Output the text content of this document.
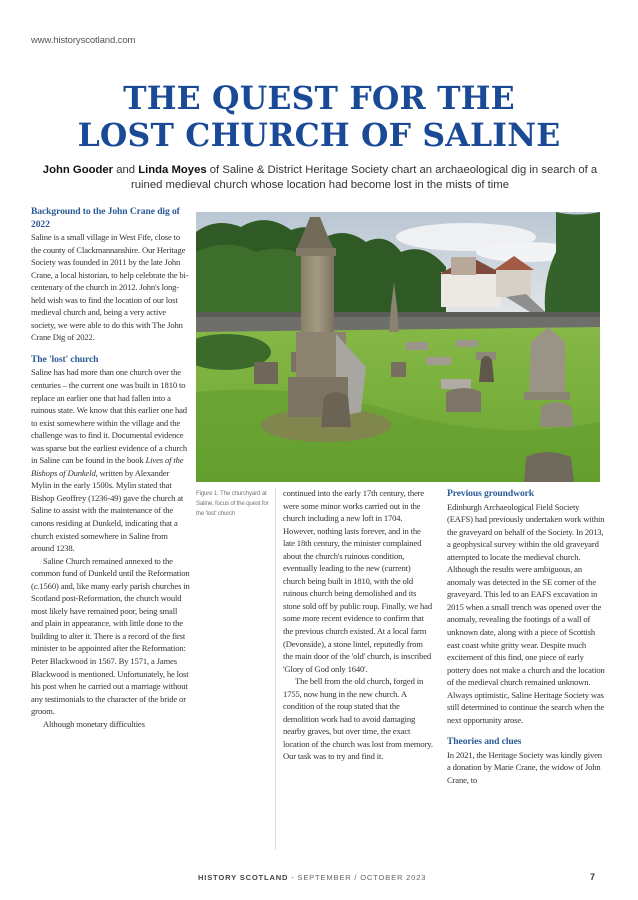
www.historyscotland.com
THE QUEST FOR THE
LOST CHURCH OF SALINE

John Gooder and Linda Moyes of Saline & District Heritage Society chart an archaeological dig in search of a ruined medieval church whose location had become lost in the mists of time

Background to the John Crane dig of 2022

Saline is a small village in West Fife, close to the county of Clackmannanshire. Our Heritage Society was founded in 2011 by the late John Crane, a local historian, to help celebrate the bi-centenary of the church in 2012. John's long-held wish was to find the location of our lost medieval church and, being a very active society, we were able to do this with The John Crane Dig of 2022.

The 'lost' church

Saline has had more than one church over the centuries – the current one was built in 1810 to replace an earlier one that had fallen into a ruinous state. We know that this earlier one had to exist somewhere within the village and the challenge was to find it. Documental evidence was sparse but the earliest evidence of a church in Saline can be found in the book Lives of the Bishops of Dunkeld, written by Alexander Mylin in the early 1500s. Mylin stated that Bishop Geoffrey (1236-49) gave the church at Saline to assist with the maintenance of the canons residing at Dunkeld, indicating that a church existed somewhere in Saline from around 1238.

Saline Church remained annexed to the common fund of Dunkeld until the Reformation (c.1560) and, like many early parish churches in Scotland post-Reformation, the church would most likely have remained poor, being small and plain in appearance, with little done to the building to alter it. There is a record of the first minister to be appointed after the Reformation: Peter Blackwood in 1567. By 1571, a James Blackwood is mentioned. Unfortunately, he lost his post when he carried out a marriage without any testimonials to the character of the bride or groom.

Although monetary difficulties

Figure 1: The churchyard at Saline, focus of the quest for the 'lost' church

continued into the early 17th century, there were some minor works carried out in the church including a new loft in 1704. However, nothing lasts forever, and in the late 18th century, the minister complained about the church's ruinous condition, eventually leading to the new (current) church being built in 1810, with the old ruinous church being demolished and its stone sold off by public roup. Finally, we had some more recent evidence to confirm that the previous church existed. At a local farm (Devonside), a stone lintel, reputedly from the main door of the 'old' church, is inscribed 'Glory of God only 1640'.

The bell from the old church, forged in 1755, now hung in the new church. A condition of the roup stated that the demolition work had to avoid damaging nearby graves, but over time, the exact location of the church was lost from memory. Our task was to try and find it.

Previous groundwork

Edinburgh Archaeological Field Society (EAFS) had previously undertaken work within the graveyard on behalf of the Society. In 2013, a geophysical survey within the old graveyard attempted to locate the medieval church. Although the results were ambiguous, an anomaly was detected in the SE corner of the graveyard. This led to an EAFS excavation in 2015 when a small trench was opened over the anomaly, revealing the footings of a wall of unknown date, along with a piece of Scottish east coast white gritty wear. Despite much excitement of this find, one piece of early pottery does not make a church and the location of the medieval church remained unknown. Always optimistic, Saline Heritage Society was still determined to continue the search when the next opportunity arose.

Theories and clues

In 2021, the Heritage Society was kindly given a donation by Marie Crane, the widow of John Crane, to

HISTORY SCOTLAND - SEPTEMBER / OCTOBER 2023	7
